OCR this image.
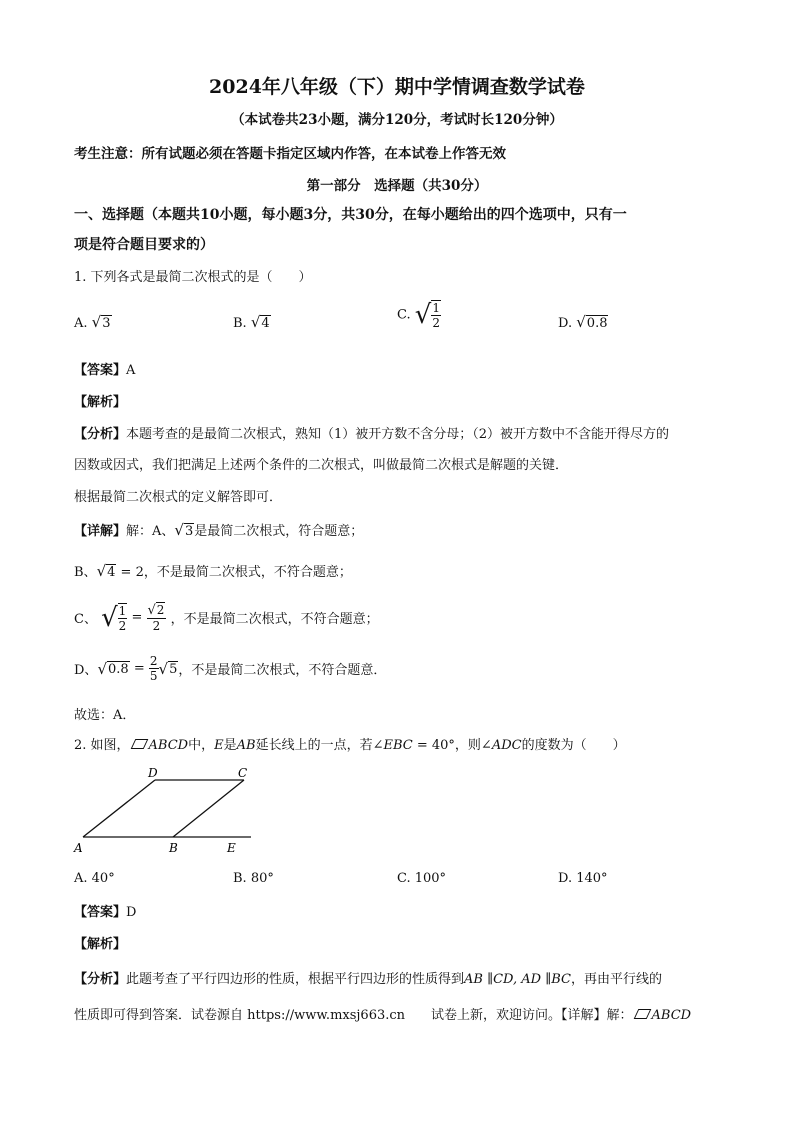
2024年八年级（下）期中学情调查数学试卷
（本试卷共23小题，满分120分，考试时长120分钟）
考生注意：所有试题必须在答题卡指定区域内作答，在本试卷上作答无效
第一部分　选择题（共30分）
一、选择题（本题共10小题，每小题3分，共30分，在每小题给出的四个选项中，只有一
项是符合题目要求的）
1. 下列各式是最简二次根式的是（　　）
A. √3	B. √4
C. √ $\frac{1}{2}$	D. √0.8
【答案】A
【解析】
【分析】本题考查的是最简二次根式，熟知（1）被开方数不含分母；（2）被开方数中不含能开得尽方的
因数或因式，我们把满足上述两个条件的二次根式，叫做最简二次根式是解题的关键．
根据最简二次根式的定义解答即可．
【详解】解：A、√3是最简二次根式，符合题意；
B、√4 = 2，不是最简二次根式，不符合题意；
C、 √ $\frac{1}{2} = \frac{√2}{2}$ ，不是最简二次根式，不符合题意；
D、$√0.8 = \frac{2}{5} √5$，不是最简二次根式，不符合题意．
故选：A．
2. 如图， ABCD中，E是AB延长线上的一点，若∠EBC = 40°，则∠ADC的度数为（　　）
A	B	E
D	C
A. 40°	B. 80°	C. 100°	D. 140°
【答案】D
【解析】
【分析】此题考查了平行四边形的性质，根据平行四边形的性质得到AB ∥CD, AD ∥BC，再由平行线的
性质即可得到答案．试卷源自 https://www.mxsj663.cn　　试卷上新，欢迎访问。【详解】解： ABCD
